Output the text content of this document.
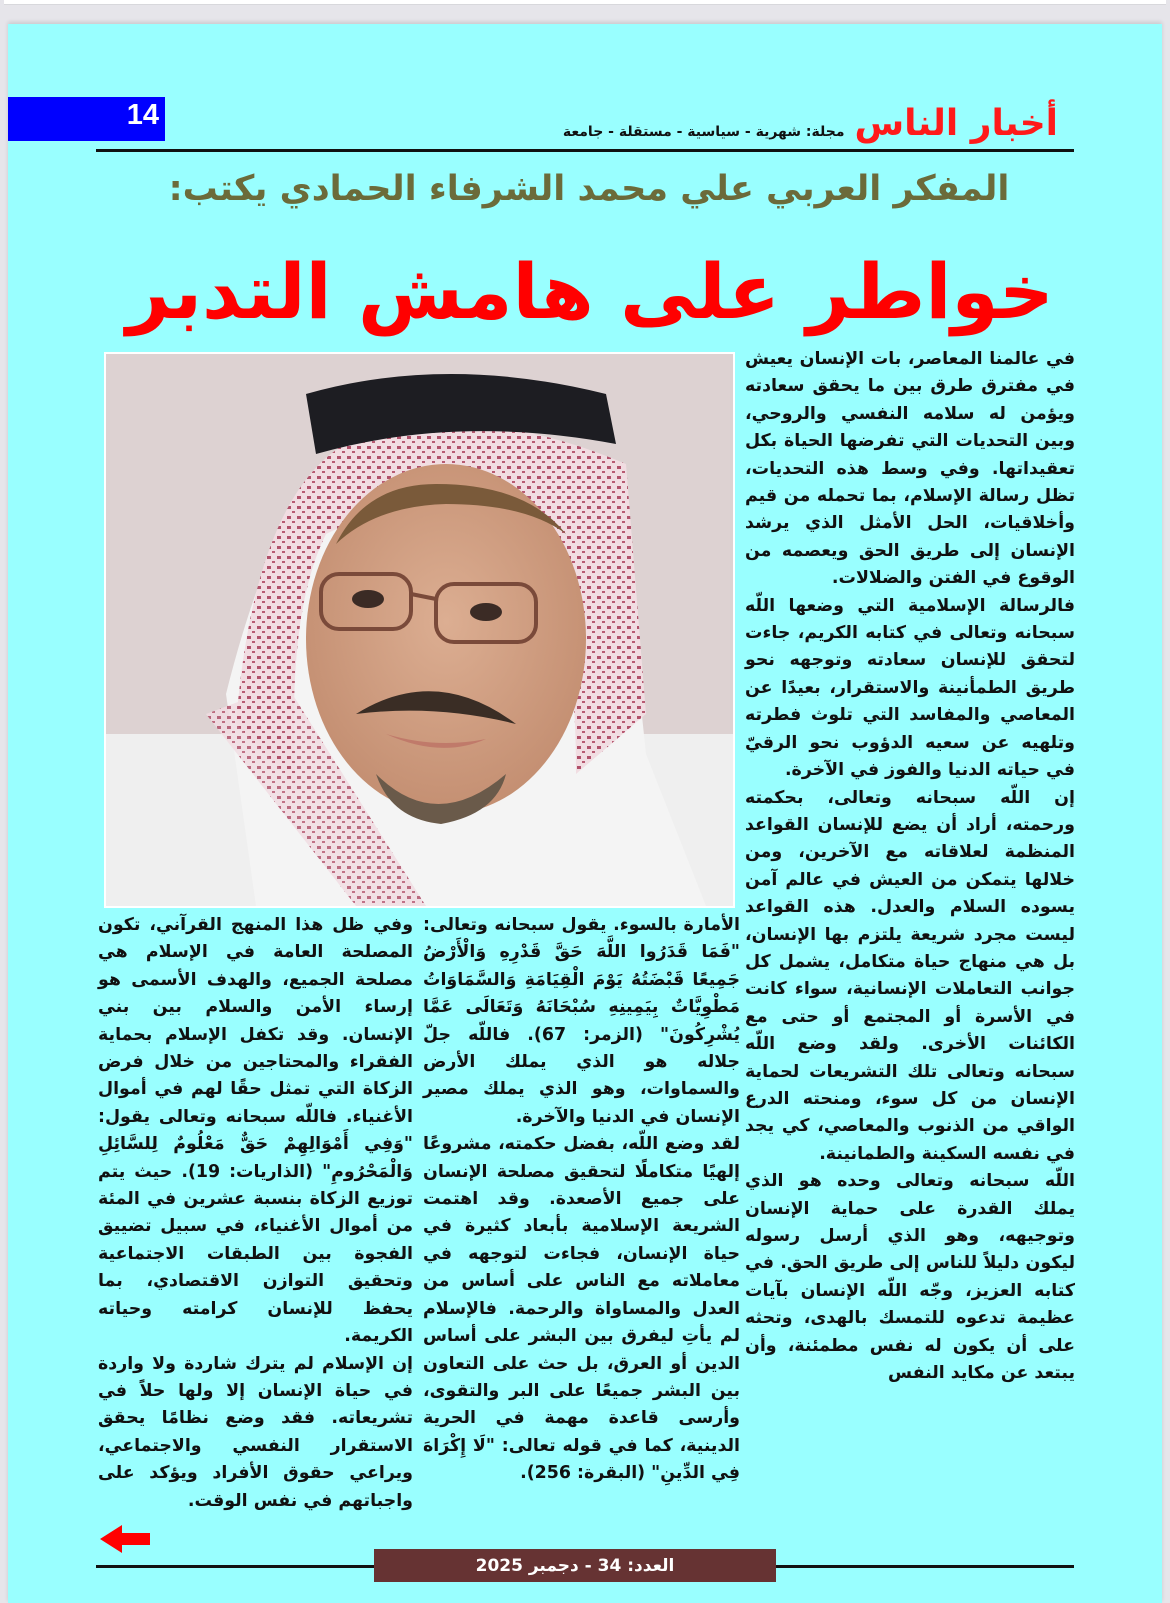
14	أخبار الناس
مجلة: شهرية - سياسية - مستقلة - جامعة
المفكر العربي علي محمد الشرفاء الحمادي يكتب:
خواطر على هامش التدبر

في عالمنا المعاصر، بات الإنسان يعيش في مفترق طرق بين ما يحقق سعادته ويؤمن له سلامه النفسي والروحي، وبين التحديات التي تفرضها الحياة بكل تعقيداتها. وفي وسط هذه التحديات، تظل رسالة الإسلام، بما تحمله من قيم وأخلاقيات، الحل الأمثل الذي يرشد الإنسان إلى طريق الحق ويعصمه من الوقوع في الفتن والضلالات.

فالرسالة الإسلامية التي وضعها اللّه سبحانه وتعالى في كتابه الكريم، جاءت لتحقق للإنسان سعادته وتوجهه نحو طريق الطمأنينة والاستقرار، بعيدًا عن المعاصي والمفاسد التي تلوث فطرته وتلهيه عن سعيه الدؤوب نحو الرقيّ في حياته الدنيا والفوز في الآخرة.

إن اللّه سبحانه وتعالى، بحكمته ورحمته، أراد أن يضع للإنسان القواعد المنظمة لعلاقاته مع الآخرين، ومن خلالها يتمكن من العيش في عالم آمن يسوده السلام والعدل. هذه القواعد ليست مجرد شريعة يلتزم بها الإنسان، بل هي منهاج حياة متكامل، يشمل كل جوانب التعاملات الإنسانية، سواء كانت في الأسرة أو المجتمع أو حتى مع الكائنات الأخرى. ولقد وضع اللّه سبحانه وتعالى تلك التشريعات لحماية الإنسان من كل سوء، ومنحته الدرع الواقي من الذنوب والمعاصي، كي يجد في نفسه السكينة والطمانينة.

اللّه سبحانه وتعالى وحده هو الذي يملك القدرة على حماية الإنسان وتوجيهه، وهو الذي أرسل رسوله ليكون دليلاً للناس إلى طريق الحق. في كتابه العزيز، وجّه اللّه الإنسان بآيات عظيمة تدعوه للتمسك بالهدى، وتحثه على أن يكون له نفس مطمئنة، وأن يبتعد عن مكايد النفس

الأمارة بالسوء. يقول سبحانه وتعالى: "فَمَا قَدَرُوا اللَّهَ حَقَّ قَدْرِهِ وَالْأَرْضُ جَمِيعًا قَبْضَتُهُ يَوْمَ الْقِيَامَةِ وَالسَّمَاوَاتُ مَطْوِيَّاتٌ بِيَمِينِهِ سُبْحَانَهُ وَتَعَالَى عَمَّا يُشْرِكُونَ" (الزمر: 67). فاللّه جلّ جلاله هو الذي يملك الأرض والسماوات، وهو الذي يملك مصير الإنسان في الدنيا والآخرة.

لقد وضع اللّه، بفضل حكمته، مشروعًا إلهيًا متكاملًا لتحقيق مصلحة الإنسان على جميع الأصعدة. وقد اهتمت الشريعة الإسلامية بأبعاد كثيرة في حياة الإنسان، فجاءت لتوجهه في معاملاته مع الناس على أساس من العدل والمساواة والرحمة. فالإسلام لم يأتِ ليفرق بين البشر على أساس الدين أو العرق، بل حث على التعاون بين البشر جميعًا على البر والتقوى، وأرسى قاعدة مهمة في الحرية الدينية، كما في قوله تعالى: "لَا إِكْرَاهَ فِي الدِّينِ" (البقرة: 256).

وفي ظل هذا المنهج القرآني، تكون المصلحة العامة في الإسلام هي مصلحة الجميع، والهدف الأسمى هو إرساء الأمن والسلام بين بني الإنسان. وقد تكفل الإسلام بحماية الفقراء والمحتاجين من خلال فرض الزكاة التي تمثل حقًا لهم في أموال الأغنياء. فاللّه سبحانه وتعالى يقول: "وَفِي أَمْوَالِهِمْ حَقٌّ مَعْلُومٌ لِلسَّائِلِ وَالْمَحْرُومِ" (الذاريات: 19). حيث يتم توزيع الزكاة بنسبة عشرين في المئة من أموال الأغنياء، في سبيل تضييق الفجوة بين الطبقات الاجتماعية وتحقيق التوازن الاقتصادي، بما يحفظ للإنسان كرامته وحياته الكريمة.

إن الإسلام لم يترك شاردة ولا واردة في حياة الإنسان إلا ولها حلاً في تشريعاته. فقد وضع نظامًا يحقق الاستقرار النفسي والاجتماعي، ويراعي حقوق الأفراد ويؤكد على واجباتهم في نفس الوقت.

العدد: 34 - دجمبر 2025
